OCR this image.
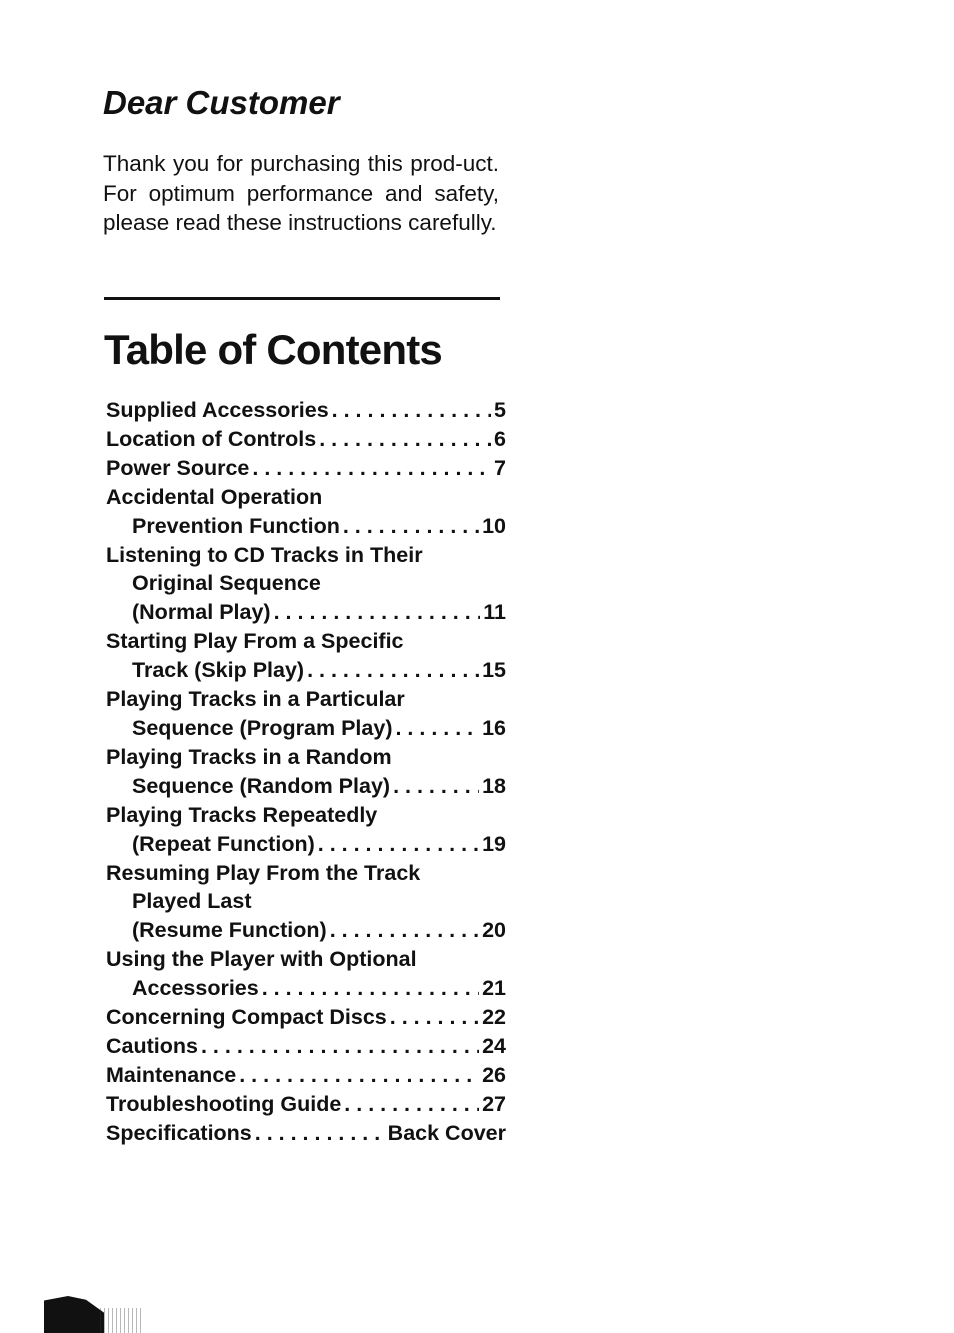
Dear Customer

Thank you for purchasing this prod-uct. For optimum performance and safety, please read these instructions carefully.

Table of Contents
Supplied Accessories . . .	5
Location of Controls . . .	6
Power Source . . .	7
Accidental Operation
Prevention Function . . .	10
Listening to CD Tracks in Their
Original Sequence
(Normal Play) . . .	11
Starting Play From a Specific
Track (Skip Play) . . .	15
Playing Tracks in a Particular
Sequence (Program Play) . . .	16
Playing Tracks in a Random
Sequence (Random Play) . . .	18
Playing Tracks Repeatedly
(Repeat Function) . . .	19
Resuming Play From the Track
Played Last
(Resume Function) . . .	20
Using the Player with Optional
Accessories . . .	21
Concerning Compact Discs . . .	22
Cautions . . .	24
Maintenance . . .	26
Troubleshooting Guide . . .	27
Specifications . . .	Back Cover
